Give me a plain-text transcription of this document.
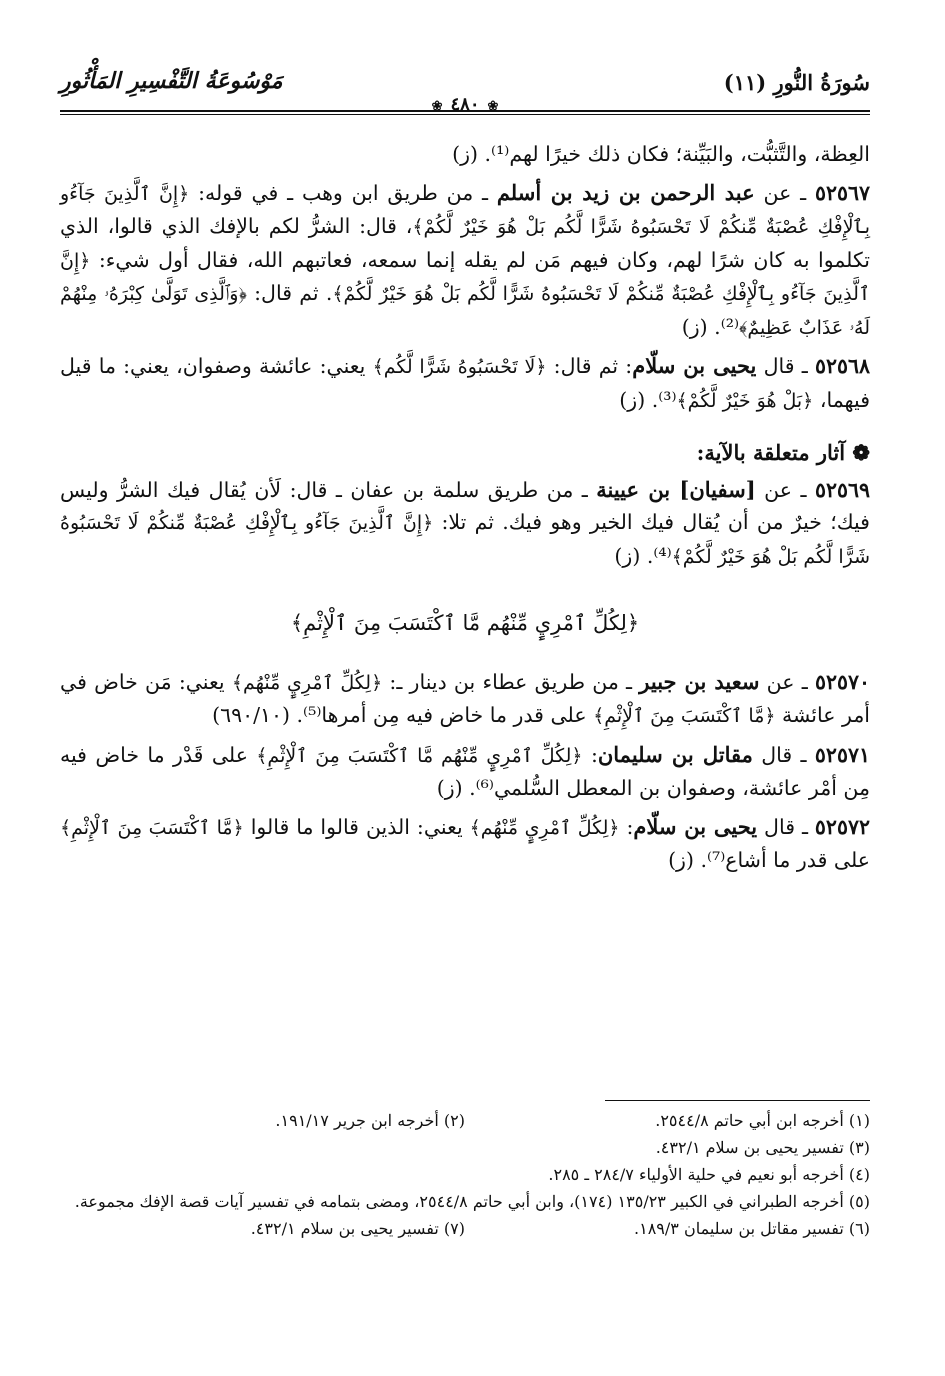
سُورَةُ النُّورِ (١١)
مَوْسُوعَةُ التَّفْسِيرِ المَأْثُورِ
❀٤٨٠❀

العِظة، والتَّثبُّت، والبَيِّنة؛ فكان ذلك خيرًا لهم⁽¹⁾. (ز)

٥٢٥٦٧ ـ عن عبد الرحمن بن زيد بن أسلم ـ من طريق ابن وهب ـ في قوله: ﴿إِنَّ ٱلَّذِينَ جَآءُو بِٱلْإِفْكِ عُصْبَةٌ مِّنكُمْ لَا تَحْسَبُوهُ شَرًّا لَّكُم بَلْ هُوَ خَيْرٌ لَّكُمْ﴾، قال: الشرُّ لكم بالإفك الذي قالوا، الذي تكلموا به كان شرًا لهم، وكان فيهم مَن لم يقله إنما سمعه، فعاتبهم الله، فقال أول شيء: ﴿إِنَّ ٱلَّذِينَ جَآءُو بِٱلْإِفْكِ عُصْبَةٌ مِّنكُمْ لَا تَحْسَبُوهُ شَرًّا لَّكُم بَلْ هُوَ خَيْرٌ لَّكُمْ﴾. ثم قال: ﴿وَٱلَّذِى تَوَلَّىٰ كِبْرَهُۥ مِنْهُمْ لَهُۥ عَذَابٌ عَظِيمٌ﴾⁽²⁾. (ز)

٥٢٥٦٨ ـ قال يحيى بن سلّام: ثم قال: ﴿لَا تَحْسَبُوهُ شَرًّا لَّكُم﴾ يعني: عائشة وصفوان، يعني: ما قيل فيهما، ﴿بَلْ هُوَ خَيْرٌ لَّكُمْ﴾⁽³⁾. (ز)

❁ آثار متعلقة بالآية:

٥٢٥٦٩ ـ عن [سفيان] بن عيينة ـ من طريق سلمة بن عفان ـ قال: لَأن يُقال فيك الشرُّ وليس فيك؛ خيرٌ من أن يُقال فيك الخير وهو فيك. ثم تلا: ﴿إِنَّ ٱلَّذِينَ جَآءُو بِٱلْإِفْكِ عُصْبَةٌ مِّنكُمْ لَا تَحْسَبُوهُ شَرًّا لَّكُم بَلْ هُوَ خَيْرٌ لَّكُمْ﴾⁽⁴⁾. (ز)

﴿لِكُلِّ ٱمْرِيٍٕ مِّنْهُم مَّا ٱكْتَسَبَ مِنَ ٱلْإِثْمِ﴾

٥٢٥٧٠ ـ عن سعيد بن جبير ـ من طريق عطاء بن دينار ـ: ﴿لِكُلِّ ٱمْرِيٍٕ مِّنْهُم﴾ يعني: مَن خاض في أمر عائشة ﴿مَّا ٱكْتَسَبَ مِنَ ٱلْإِثْمِ﴾ على قدر ما خاض فيه مِن أمرها⁽⁵⁾. (٦٩٠/١٠)

٥٢٥٧١ ـ قال مقاتل بن سليمان: ﴿لِكُلِّ ٱمْرِيٍٕ مِّنْهُم مَّا ٱكْتَسَبَ مِنَ ٱلْإِثْمِ﴾ على قَدْر ما خاض فيه مِن أمْر عائشة، وصفوان بن المعطل السُّلمي⁽⁶⁾. (ز)

٥٢٥٧٢ ـ قال يحيى بن سلّام: ﴿لِكُلِّ ٱمْرِيٍٕ مِّنْهُم﴾ يعني: الذين قالوا ما قالوا ﴿مَّا ٱكْتَسَبَ مِنَ ٱلْإِثْمِ﴾ على قدر ما أشاع⁽⁷⁾. (ز)

(١) أخرجه ابن أبي حاتم ٢٥٤٤/٨.
(٢) أخرجه ابن جرير ١٩١/١٧.
(٣) تفسير يحيى بن سلام ٤٣٢/١.
(٤) أخرجه أبو نعيم في حلية الأولياء ٢٨٤/٧ ـ ٢٨٥.
(٥) أخرجه الطبراني في الكبير ١٣٥/٢٣ (١٧٤)، وابن أبي حاتم ٢٥٤٤/٨، ومضى بتمامه في تفسير آيات قصة الإفك مجموعة.
(٦) تفسير مقاتل بن سليمان ١٨٩/٣.
(٧) تفسير يحيى بن سلام ٤٣٢/١.
